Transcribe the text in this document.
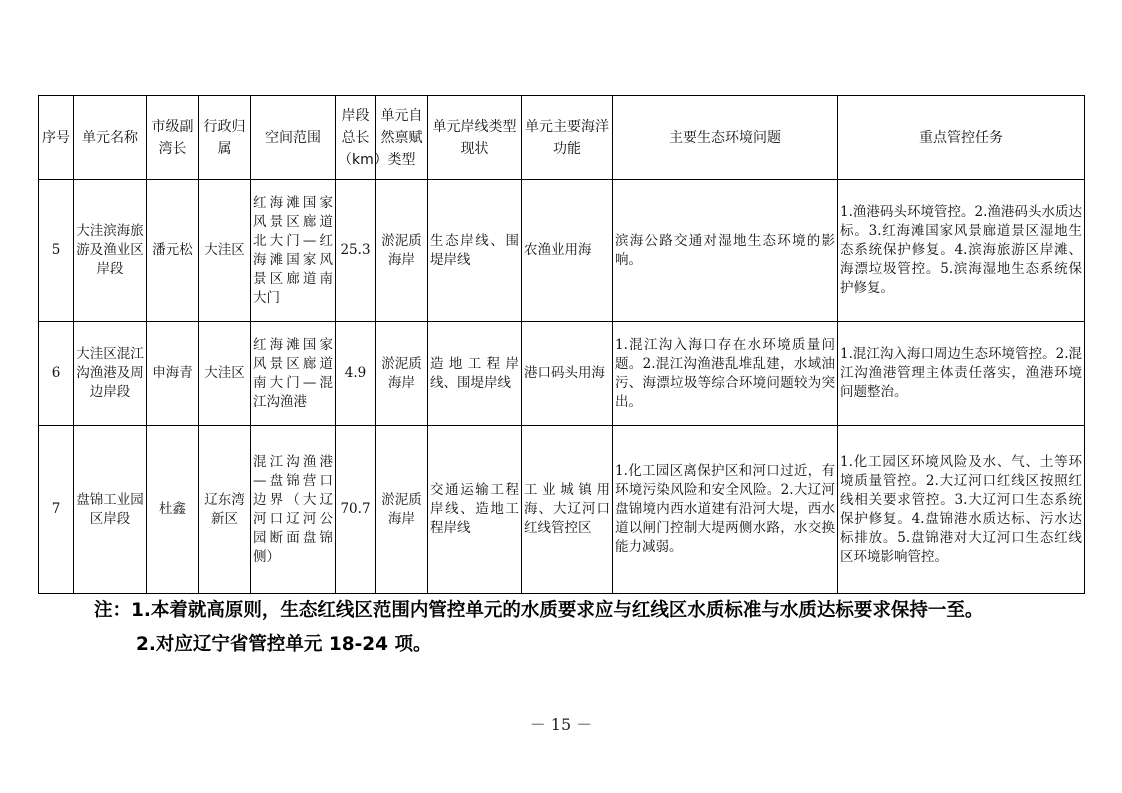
序号	单元名称	市级副湾长	行政归属	空间范围	岸段总长（km）	单元自然禀赋类型	单元岸线类型现状	单元主要海洋功能	主要生态环境问题	重点管控任务
5	大洼滨海旅游及渔业区岸段	潘元松	大洼区	红海滩国家风景区廊道北大门—红海滩国家风景区廊道南大门	25.3	淤泥质海岸	生态岸线、围堤岸线	农渔业用海	滨海公路交通对湿地生态环境的影响。	1.渔港码头环境管控。2.渔港码头水质达标。3.红海滩国家风景廊道景区湿地生态系统保护修复。4.滨海旅游区岸滩、海漂垃圾管控。5.滨海湿地生态系统保护修复。
6	大洼区混江沟渔港及周边岸段	申海青	大洼区	红海滩国家风景区廊道南大门—混江沟渔港	4.9	淤泥质海岸	造地工程岸线、围堤岸线	港口码头用海	1.混江沟入海口存在水环境质量问题。2.混江沟渔港乱堆乱建，水域油污、海漂垃圾等综合环境问题较为突出。	1.混江沟入海口周边生态环境管控。2.混江沟渔港管理主体责任落实，渔港环境问题整治。
7	盘锦工业园区岸段	杜鑫	辽东湾新区	混江沟渔港—盘锦营口边界（大辽河口辽河公园断面盘锦侧）	70.7	淤泥质海岸	交通运输工程岸线、造地工程岸线	工业城镇用海、大辽河口红线管控区	1.化工园区离保护区和河口过近，有环境污染风险和安全风险。2.大辽河盘锦境内西水道建有沿河大堤，西水道以闸门控制大堤两侧水路，水交换能力减弱。	1.化工园区环境风险及水、气、土等环境质量管控。2.大辽河口红线区按照红线相关要求管控。3.大辽河口生态系统保护修复。4.盘锦港水质达标、污水达标排放。5.盘锦港对大辽河口生态红线区环境影响管控。
注：1.本着就高原则，生态红线区范围内管控单元的水质要求应与红线区水质标准与水质达标要求保持一至。
2.对应辽宁省管控单元 18-24 项。
－ 15 －
